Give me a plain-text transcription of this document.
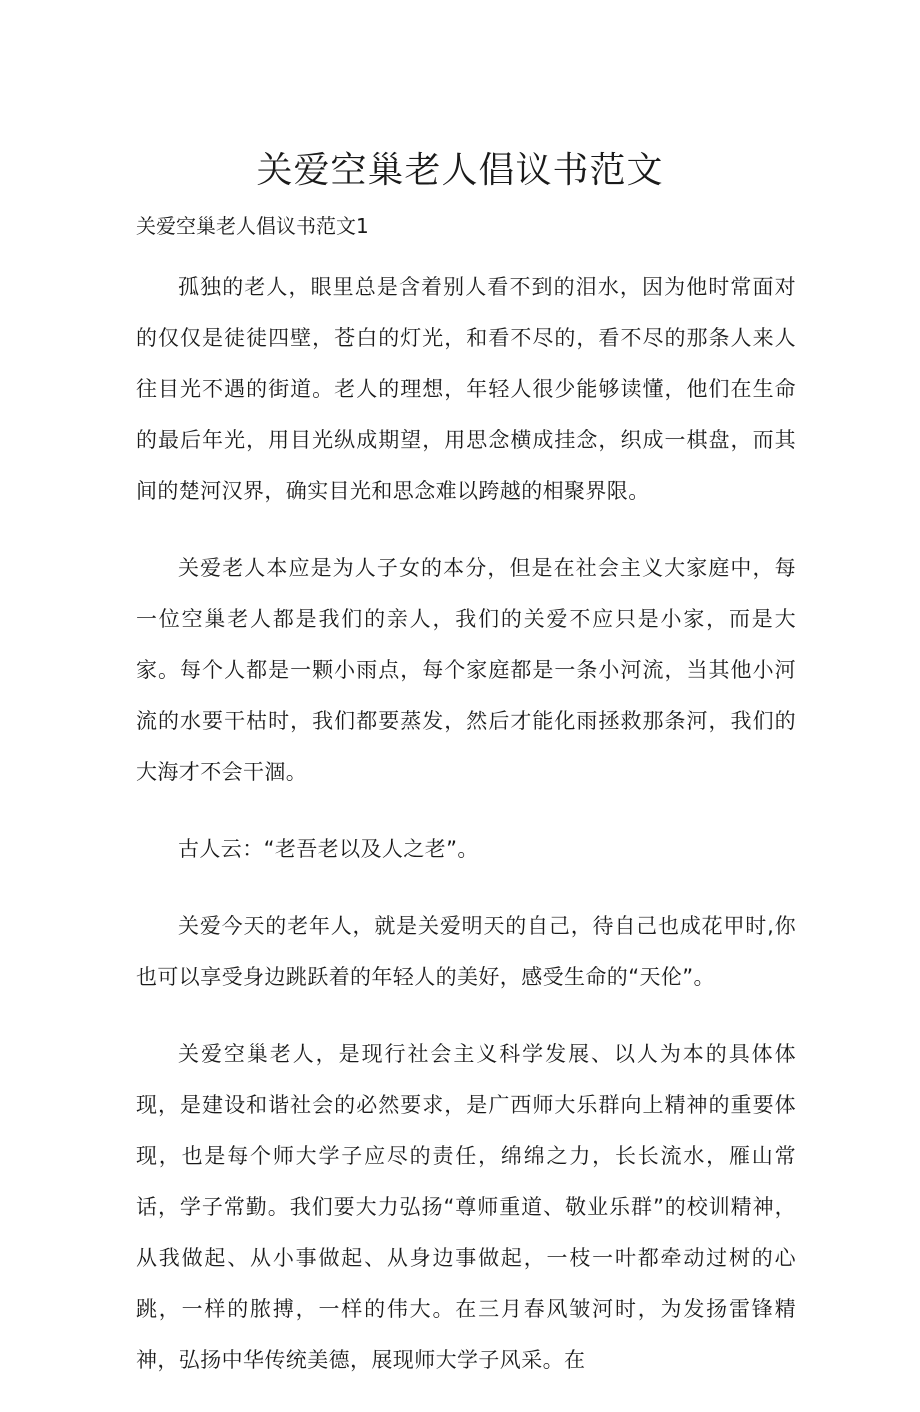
关爱空巢老人倡议书范文
关爱空巢老人倡议书范文1

孤独的老人，眼里总是含着别人看不到的泪水，因为他时常面对的仅仅是徒徒四壁，苍白的灯光，和看不尽的，看不尽的那条人来人往目光不遇的街道。老人的理想，年轻人很少能够读懂，他们在生命的最后年光，用目光纵成期望，用思念横成挂念，织成一棋盘，而其间的楚河汉界，确实目光和思念难以跨越的相聚界限。

关爱老人本应是为人子女的本分，但是在社会主义大家庭中，每一位空巢老人都是我们的亲人，我们的关爱不应只是小家，而是大家。每个人都是一颗小雨点，每个家庭都是一条小河流，当其他小河流的水要干枯时，我们都要蒸发，然后才能化雨拯救那条河，我们的大海才不会干涸。

古人云：“老吾老以及人之老”。

关爱今天的老年人，就是关爱明天的自己，待自己也成花甲时,你也可以享受身边跳跃着的年轻人的美好，感受生命的“天伦”。

关爱空巢老人，是现行社会主义科学发展、以人为本的具体体现，是建设和谐社会的必然要求，是广西师大乐群向上精神的重要体现，也是每个师大学子应尽的责任，绵绵之力，长长流水，雁山常话，学子常勤。我们要大力弘扬“尊师重道、敬业乐群”的校训精神，从我做起、从小事做起、从身边事做起，一枝一叶都牵动过树的心跳，一样的脓搏，一样的伟大。在三月春风皱河时，为发扬雷锋精神，弘扬中华传统美德，展现师大学子风采。在
